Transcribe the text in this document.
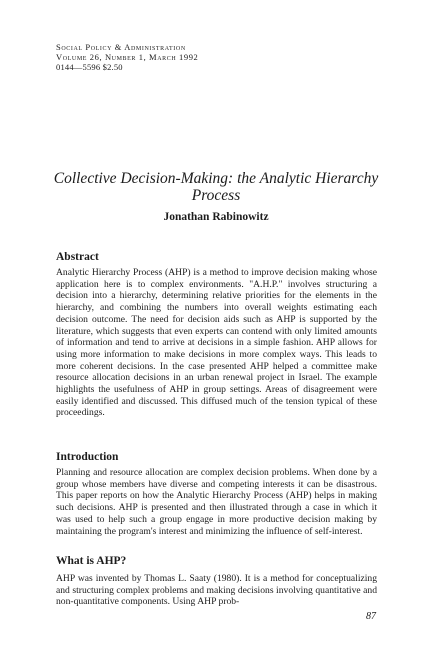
Social Policy & Administration
Volume 26, Number 1, March 1992
0144—5596 $2.50
Collective Decision-Making: the Analytic Hierarchy Process
Jonathan Rabinowitz
Abstract

Analytic Hierarchy Process (AHP) is a method to improve decision making whose application here is to complex environments. "A.H.P." involves structuring a decision into a hierarchy, determining relative priorities for the elements in the hierarchy, and combining the numbers into overall weights estimating each decision outcome. The need for decision aids such as AHP is supported by the literature, which suggests that even experts can contend with only limited amounts of information and tend to arrive at decisions in a simple fashion. AHP allows for using more information to make decisions in more complex ways. This leads to more coherent decisions. In the case presented AHP helped a committee make resource allocation decisions in an urban renewal project in Israel. The example highlights the usefulness of AHP in group settings. Areas of disagreement were easily identified and discussed. This diffused much of the tension typical of these proceedings.

Introduction

Planning and resource allocation are complex decision problems. When done by a group whose members have diverse and competing interests it can be disastrous. This paper reports on how the Analytic Hierarchy Process (AHP) helps in making such decisions. AHP is presented and then illustrated through a case in which it was used to help such a group engage in more productive decision making by maintaining the program's interest and minimizing the influence of self-interest.

What is AHP?

AHP was invented by Thomas L. Saaty (1980). It is a method for conceptualizing and structuring complex problems and making decisions involving quantitative and non-quantitative components. Using AHP prob-

87
